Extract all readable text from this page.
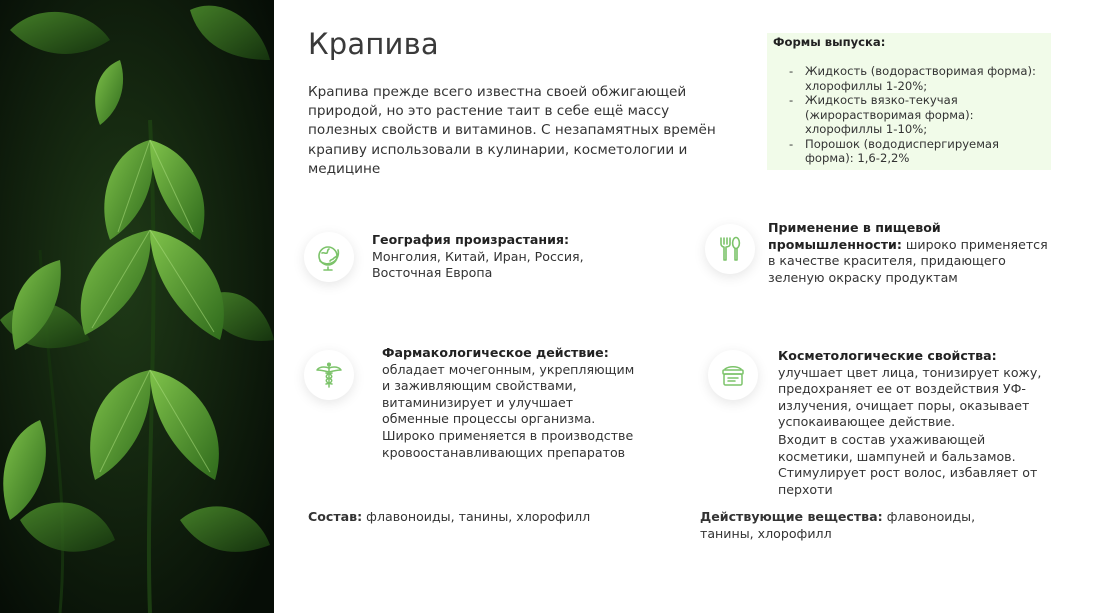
Крапива
Крапива прежде всего известна своей обжигающей природой, но это растение таит в себе ещё массу полезных свойств и витаминов. С незапамятных времён крапиву использовали в кулинарии, косметологии и медицине
Формы выпуска:
- Жидкость (водорастворимая форма): хлорофиллы 1-20%;
- Жидкость вязко-текучая (жирорастворимая форма): хлорофиллы 1-10%;
- Порошок (вододиспергируемая форма): 1,6-2,2%
География произрастания: Монголия, Китай, Иран, Россия, Восточная Европа
Применение в пищевой промышленности: широко применяется в качестве красителя, придающего зеленую окраску продуктам
Фармакологическое действие: обладает мочегонным, укрепляющим и заживляющим свойствами, витаминизирует и улучшает обменные процессы организма. Широко применяется в производстве кровоостанавливающих препаратов
Косметологические свойства: улучшает цвет лица, тонизирует кожу, предохраняет ее от воздействия УФ-излучения, очищает поры, оказывает успокаивающее действие.
Входит в состав ухаживающей косметики, шампуней и бальзамов. Стимулирует рост волос, избавляет от перхоти
Состав: флавоноиды, танины, хлорофилл	Действующие вещества: флавоноиды, танины, хлорофилл
